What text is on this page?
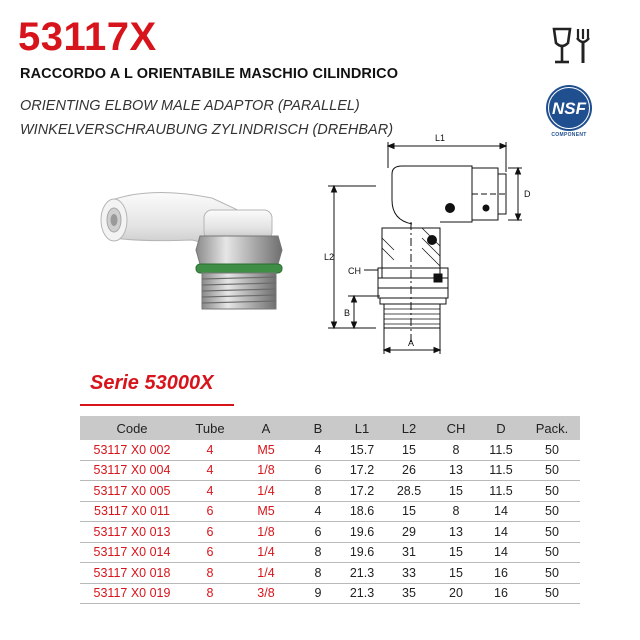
53117X
RACCORDO A L ORIENTABILE MASCHIO CILINDRICO
ORIENTING ELBOW MALE ADAPTOR (PARALLEL)
WINKELVERSCHRAUBUNG ZYLINDRISCH (DREHBAR)
NSF
COMPONENT
L1
D
L2
CH
B
A
Serie 53000X
Code	Tube	A	B	L1	L2	CH	D	Pack.
53117 X0 002	4	M5	4	15.7	15	8	11.5	50
53117 X0 004	4	1/8	6	17.2	26	13	11.5	50
53117 X0 005	4	1/4	8	17.2	28.5	15	11.5	50
53117 X0 011	6	M5	4	18.6	15	8	14	50
53117 X0 013	6	1/8	6	19.6	29	13	14	50
53117 X0 014	6	1/4	8	19.6	31	15	14	50
53117 X0 018	8	1/4	8	21.3	33	15	16	50
53117 X0 019	8	3/8	9	21.3	35	20	16	50
